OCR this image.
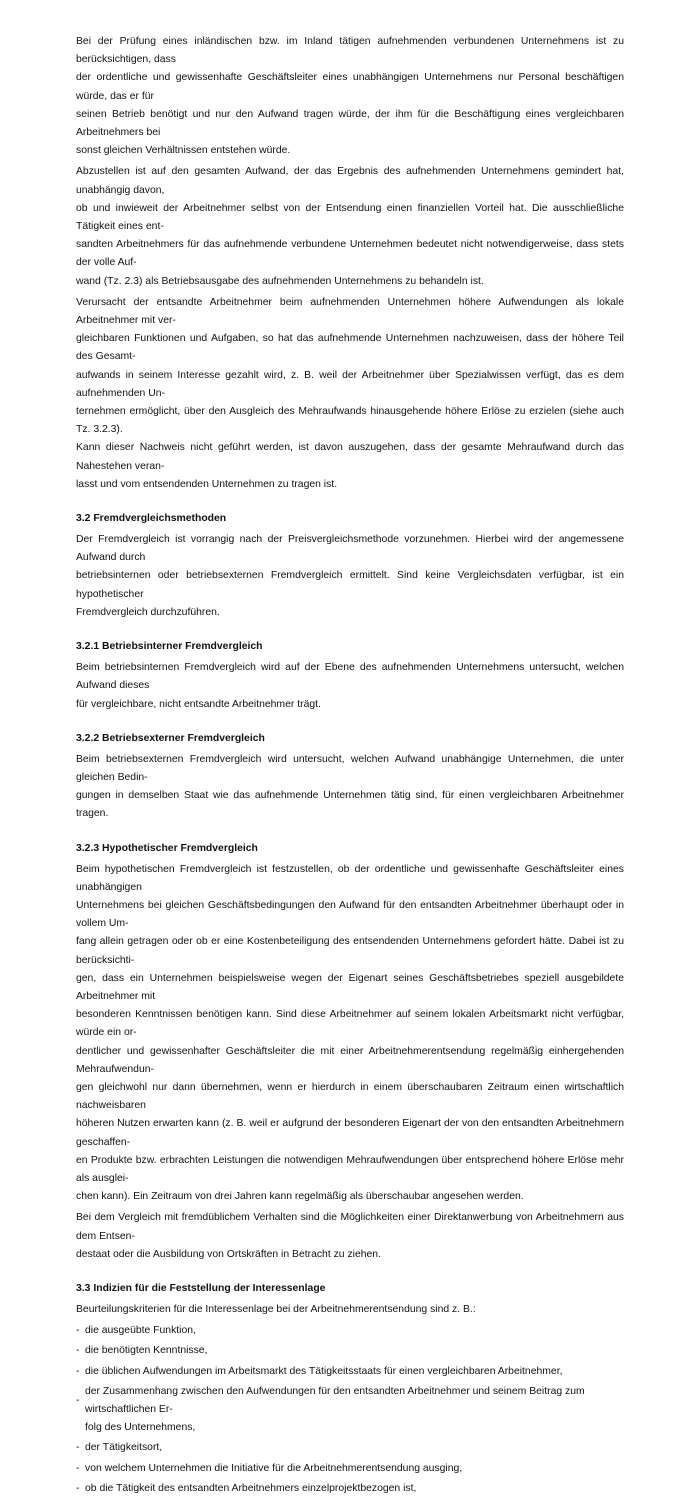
Bei der Prüfung eines inländischen bzw. im Inland tätigen aufnehmenden verbundenen Unternehmens ist zu berücksichtigen, dass
der ordentliche und gewissenhafte Geschäftsleiter eines unabhängigen Unternehmens nur Personal beschäftigen würde, das er für
seinen Betrieb benötigt und nur den Aufwand tragen würde, der ihm für die Beschäftigung eines vergleichbaren Arbeitnehmers bei
sonst gleichen Verhältnissen entstehen würde.

Abzustellen ist auf den gesamten Aufwand, der das Ergebnis des aufnehmenden Unternehmens gemindert hat, unabhängig davon,
ob und inwieweit der Arbeitnehmer selbst von der Entsendung einen finanziellen Vorteil hat. Die ausschließliche Tätigkeit eines ent-
sandten Arbeitnehmers für das aufnehmende verbundene Unternehmen bedeutet nicht notwendigerweise, dass stets der volle Auf-
wand (Tz. 2.3) als Betriebsausgabe des aufnehmenden Unternehmens zu behandeln ist.

Verursacht der entsandte Arbeitnehmer beim aufnehmenden Unternehmen höhere Aufwendungen als lokale Arbeitnehmer mit ver-
gleichbaren Funktionen und Aufgaben, so hat das aufnehmende Unternehmen nachzuweisen, dass der höhere Teil des Gesamt-
aufwands in seinem Interesse gezahlt wird, z. B. weil der Arbeitnehmer über Spezialwissen verfügt, das es dem aufnehmenden Un-
ternehmen ermöglicht, über den Ausgleich des Mehraufwands hinausgehende höhere Erlöse zu erzielen (siehe auch Tz. 3.2.3).
Kann dieser Nachweis nicht geführt werden, ist davon auszugehen, dass der gesamte Mehraufwand durch das Nahestehen veran-
lasst und vom entsendenden Unternehmen zu tragen ist.

3.2 Fremdvergleichsmethoden

Der Fremdvergleich ist vorrangig nach der Preisvergleichsmethode vorzunehmen. Hierbei wird der angemessene Aufwand durch
betriebsinternen oder betriebsexternen Fremdvergleich ermittelt. Sind keine Vergleichsdaten verfügbar, ist ein hypothetischer
Fremdvergleich durchzuführen.

3.2.1 Betriebsinterner Fremdvergleich

Beim betriebsinternen Fremdvergleich wird auf der Ebene des aufnehmenden Unternehmens untersucht, welchen Aufwand dieses
für vergleichbare, nicht entsandte Arbeitnehmer trägt.

3.2.2 Betriebsexterner Fremdvergleich

Beim betriebsexternen Fremdvergleich wird untersucht, welchen Aufwand unabhängige Unternehmen, die unter gleichen Bedin-
gungen in demselben Staat wie das aufnehmende Unternehmen tätig sind, für einen vergleichbaren Arbeitnehmer tragen.

3.2.3 Hypothetischer Fremdvergleich

Beim hypothetischen Fremdvergleich ist festzustellen, ob der ordentliche und gewissenhafte Geschäftsleiter eines unabhängigen
Unternehmens bei gleichen Geschäftsbedingungen den Aufwand für den entsandten Arbeitnehmer überhaupt oder in vollem Um-
fang allein getragen oder ob er eine Kostenbeteiligung des entsendenden Unternehmens gefordert hätte. Dabei ist zu berücksichti-
gen, dass ein Unternehmen beispielsweise wegen der Eigenart seines Geschäftsbetriebes speziell ausgebildete Arbeitnehmer mit
besonderen Kenntnissen benötigen kann. Sind diese Arbeitnehmer auf seinem lokalen Arbeitsmarkt nicht verfügbar, würde ein or-
dentlicher und gewissenhafter Geschäftsleiter die mit einer Arbeitnehmerentsendung regelmäßig einhergehenden Mehraufwendun-
gen gleichwohl nur dann übernehmen, wenn er hierdurch in einem überschaubaren Zeitraum einen wirtschaftlich nachweisbaren
höheren Nutzen erwarten kann (z. B. weil er aufgrund der besonderen Eigenart der von den entsandten Arbeitnehmern geschaffen-
en Produkte bzw. erbrachten Leistungen die notwendigen Mehraufwendungen über entsprechend höhere Erlöse mehr als ausglei-
chen kann). Ein Zeitraum von drei Jahren kann regelmäßig als überschaubar angesehen werden.

Bei dem Vergleich mit fremdüblichem Verhalten sind die Möglichkeiten einer Direktanwerbung von Arbeitnehmern aus dem Entsen-
destaat oder die Ausbildung von Ortskräften in Betracht zu ziehen.

3.3 Indizien für die Feststellung der Interessenlage

Beurteilungskriterien für die Interessenlage bei der Arbeitnehmerentsendung sind z. B.:

- die ausgeübte Funktion,
- die benötigten Kenntnisse,
- die üblichen Aufwendungen im Arbeitsmarkt des Tätigkeitsstaats für einen vergleichbaren Arbeitnehmer,
-
der Zusammenhang zwischen den Aufwendungen für den entsandten Arbeitnehmer und seinem Beitrag zum wirtschaftlichen Er-
folg des Unternehmens,
- der Tätigkeitsort,
- von welchem Unternehmen die Initiative für die Arbeitnehmerentsendung ausging,
- ob die Tätigkeit des entsandten Arbeitnehmers einzelprojektbezogen ist,
